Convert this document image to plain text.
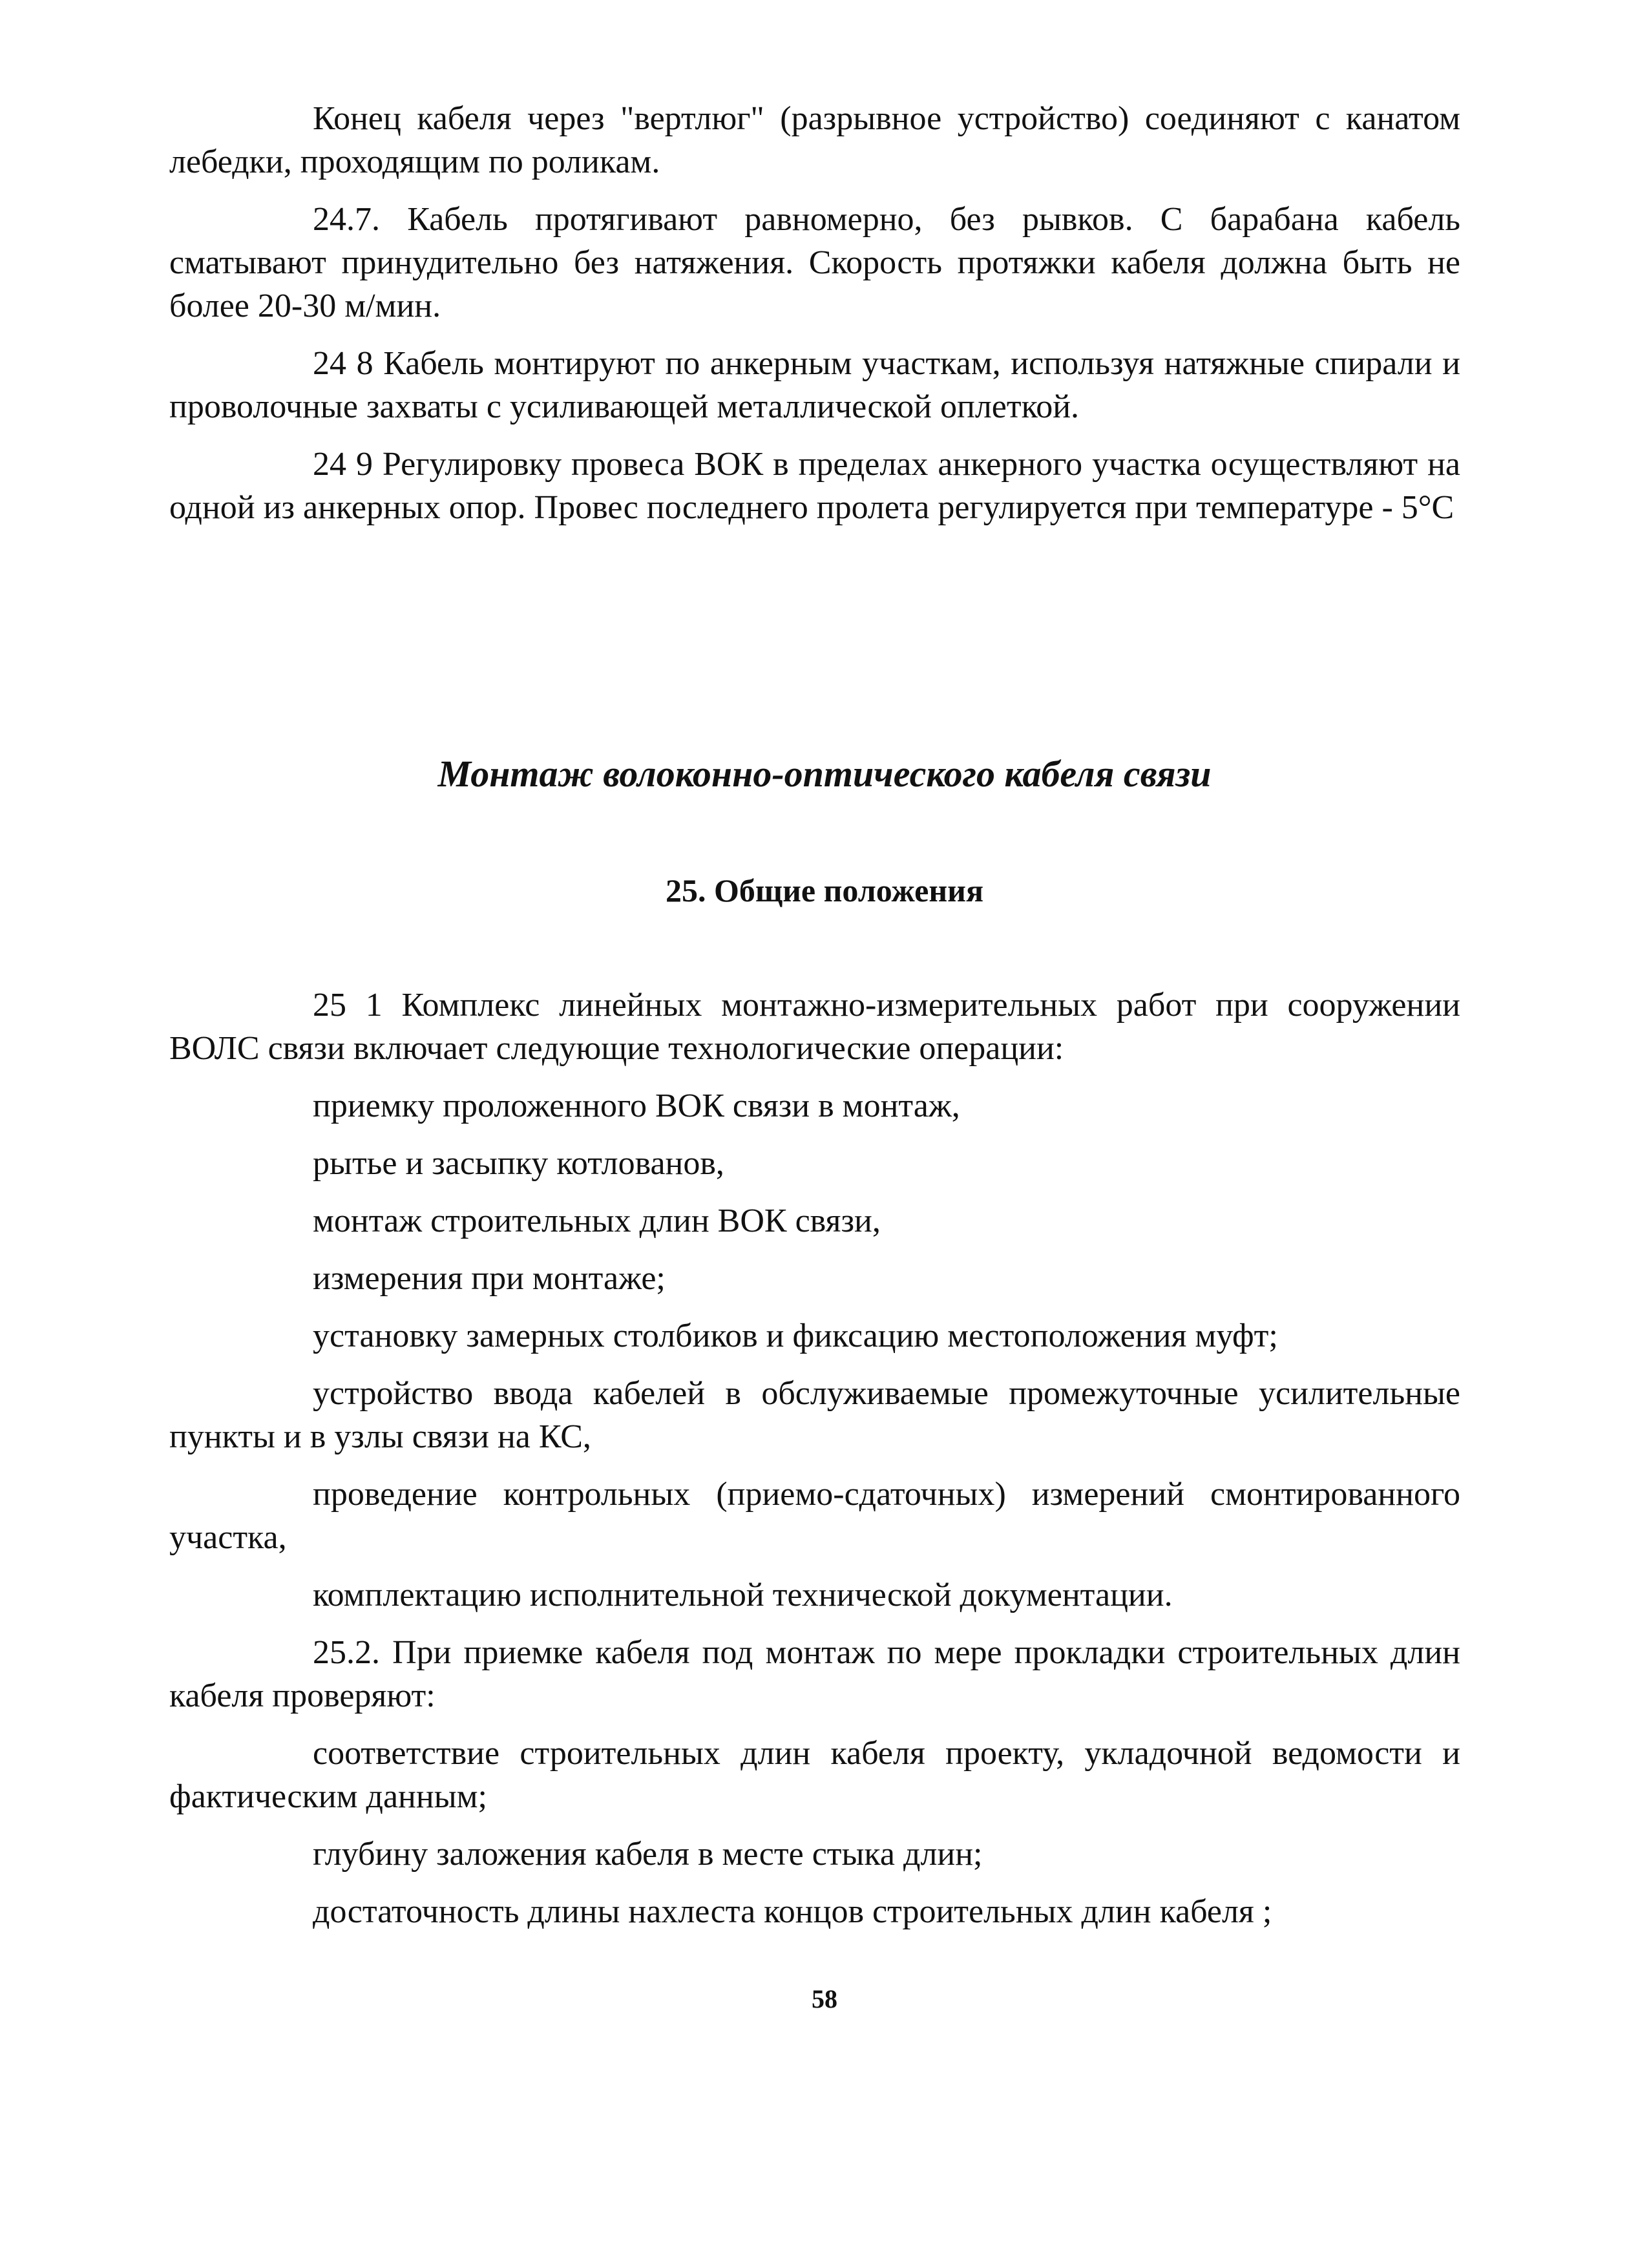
Конец кабеля через "вертлюг" (разрывное устройство) соединяют с канатом лебедки, проходящим по роликам.

24.7. Кабель протягивают равномерно, без рывков. С барабана кабель сматывают принудительно без натяжения. Скорость протяжки кабеля должна быть не более 20-30 м/мин.

24 8 Кабель монтируют по анкерным участкам, используя натяжные спирали и проволочные захваты с усиливающей металлической оплеткой.

24 9 Регулировку провеса ВОК в пределах анкерного участка осуществляют на одной из анкерных опор. Провес последнего пролета регулируется при температуре - 5°С

Монтаж волоконно-оптического кабеля связи
25. Общие положения

25 1 Комплекс линейных монтажно-измерительных работ при сооружении ВОЛС связи включает следующие технологические операции:

приемку проложенного ВОК связи в монтаж,

рытье и засыпку котлованов,

монтаж строительных длин ВОК связи,

измерения при монтаже;

установку замерных столбиков и фиксацию местоположения муфт;

устройство ввода кабелей в обслуживаемые промежуточные усилительные пункты и в узлы связи на КС,

проведение контрольных (приемо-сдаточных) измерений смонтированного участка,

комплектацию исполнительной технической документации.

25.2. При приемке кабеля под монтаж по мере прокладки строительных длин кабеля проверяют:

соответствие строительных длин кабеля проекту, укладочной ведомости и фактическим данным;

глубину заложения кабеля в месте стыка длин;

достаточность длины нахлеста концов строительных длин кабеля ;

58
